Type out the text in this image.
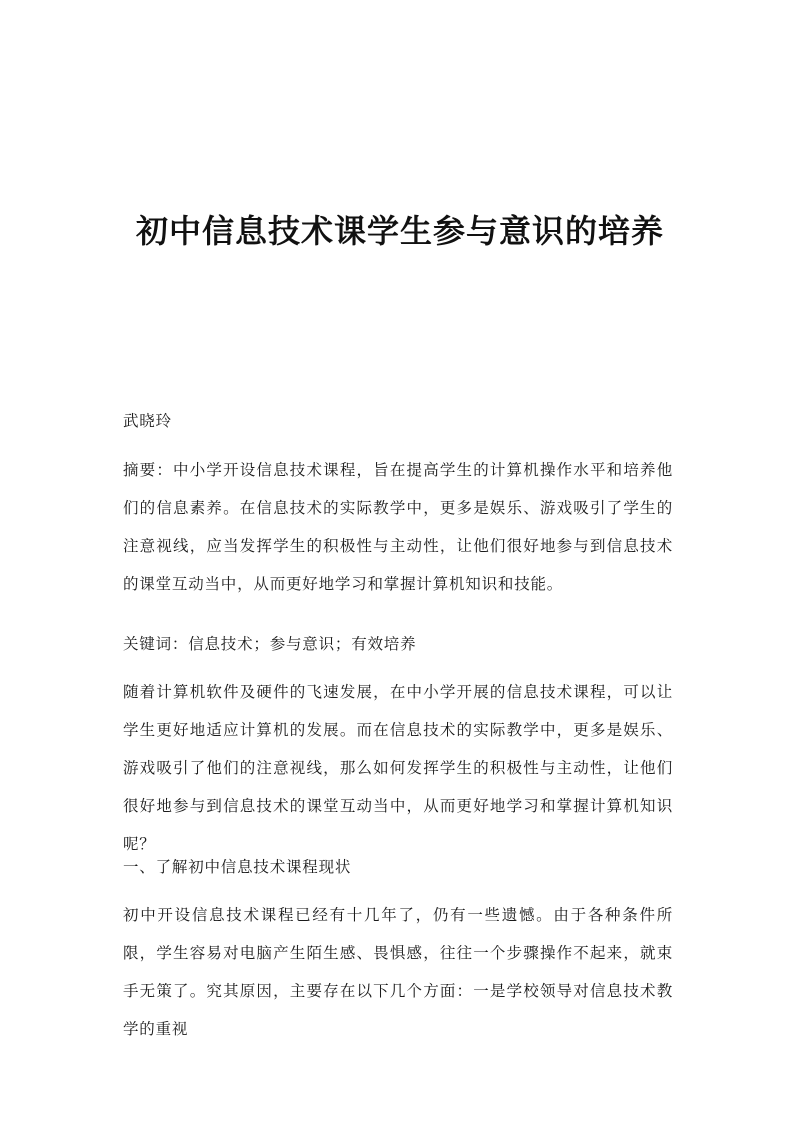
初中信息技术课学生参与意识的培养

武晓玲

摘要：中小学开设信息技术课程，旨在提高学生的计算机操作水平和培养他们的信息素养。在信息技术的实际教学中，更多是娱乐、游戏吸引了学生的注意视线，应当发挥学生的积极性与主动性，让他们很好地参与到信息技术的课堂互动当中，从而更好地学习和掌握计算机知识和技能。

关键词：信息技术；参与意识；有效培养

随着计算机软件及硬件的飞速发展，在中小学开展的信息技术课程，可以让学生更好地适应计算机的发展。而在信息技术的实际教学中，更多是娱乐、游戏吸引了他们的注意视线，那么如何发挥学生的积极性与主动性，让他们很好地参与到信息技术的课堂互动当中，从而更好地学习和掌握计算机知识呢？

一、了解初中信息技术课程现状

初中开设信息技术课程已经有十几年了，仍有一些遗憾。由于各种条件所限，学生容易对电脑产生陌生感、畏惧感，往往一个步骤操作不起来，就束手无策了。究其原因，主要存在以下几个方面：一是学校领导对信息技术教学的重视
